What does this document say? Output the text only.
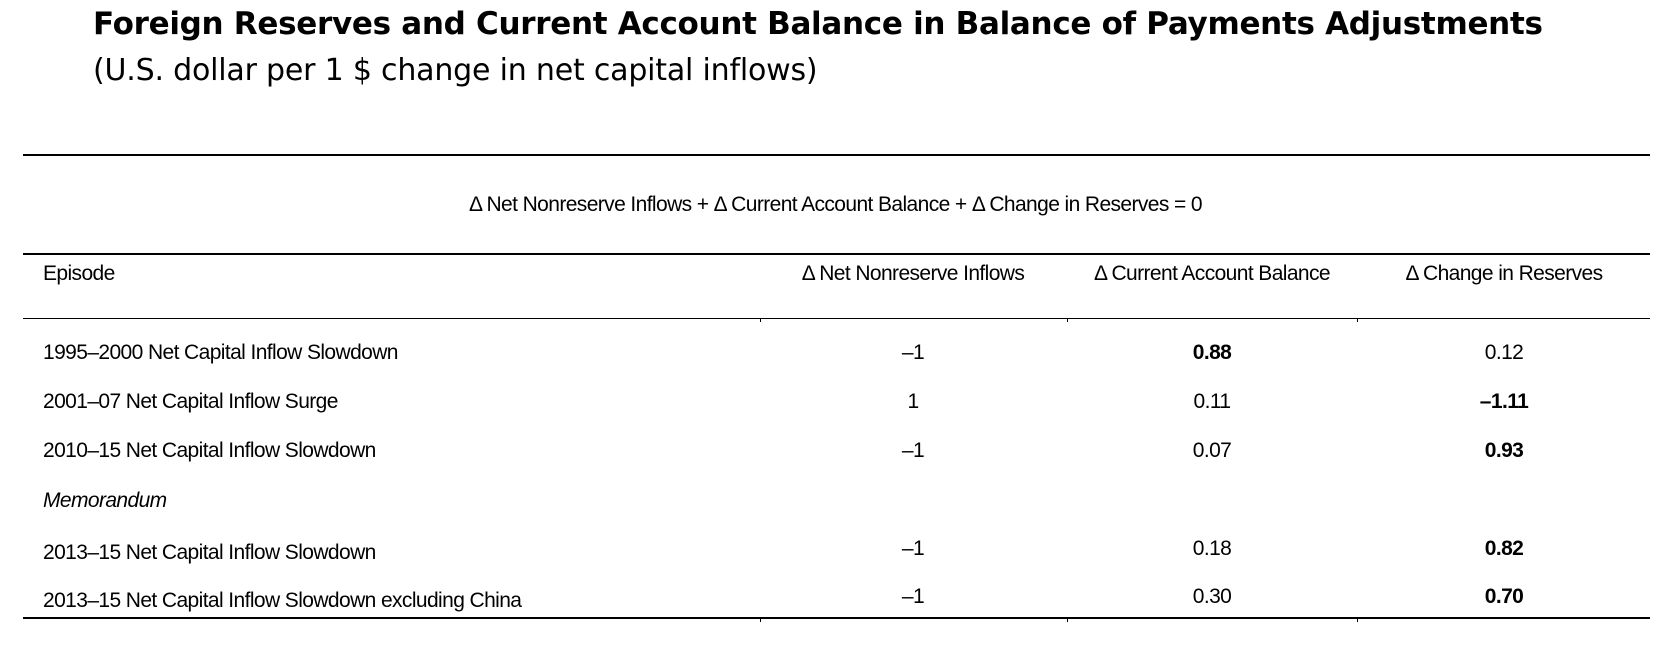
Foreign Reserves and Current Account Balance in Balance of Payments Adjustments
(U.S. dollar per 1 $ change in net capital inflows)
Δ Net Nonreserve Inflows + Δ Current Account Balance + Δ Change in Reserves = 0
Episode	Δ Net Nonreserve Inflows	Δ Current Account Balance	Δ Change in Reserves
1995–2000 Net Capital Inflow Slowdown	–1	0.88	0.12
2001–07 Net Capital Inflow Surge	1	0.11	–1.11
2010–15 Net Capital Inflow Slowdown	–1	0.07	0.93
Memorandum
2013–15 Net Capital Inflow Slowdown	–1	0.18	0.82
2013–15 Net Capital Inflow Slowdown excluding China	–1	0.30	0.70
